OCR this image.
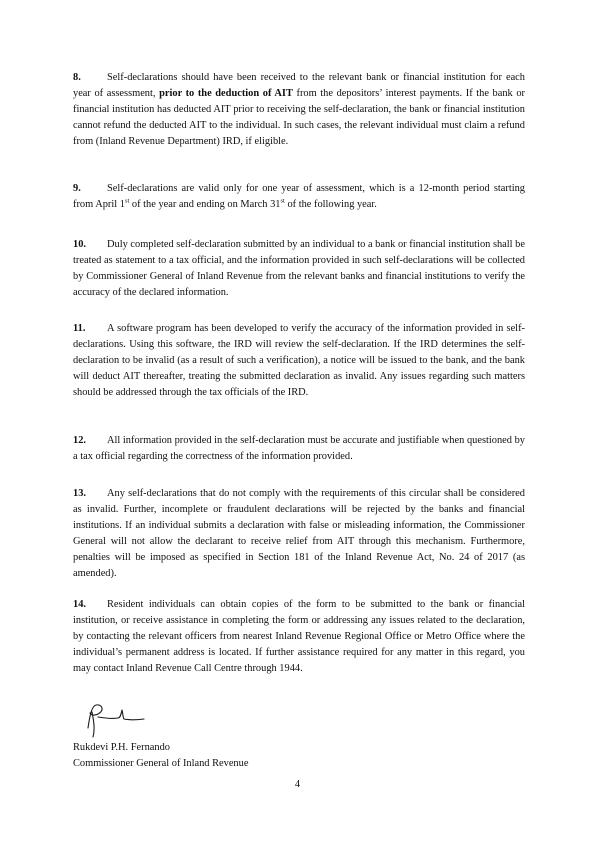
8.	Self-declarations should have been received to the relevant bank or financial institution for each year of assessment, prior to the deduction of AIT from the depositors’ interest payments. If the bank or financial institution has deducted AIT prior to receiving the self-declaration, the bank or financial institution cannot refund the deducted AIT to the individual. In such cases, the relevant individual must claim a refund from (Inland Revenue Department) IRD, if eligible.

9.	Self-declarations are valid only for one year of assessment, which is a 12-month period starting from April 1st of the year and ending on March 31st of the following year.

10. Duly completed self-declaration submitted by an individual to a bank or financial institution shall be treated as statement to a tax official, and the information provided in such self-declarations will be collected by Commissioner General of Inland Revenue from the relevant banks and financial institutions to verify the accuracy of the declared information.

11. A software program has been developed to verify the accuracy of the information provided in self-declarations. Using this software, the IRD will review the self-declaration. If the IRD determines the self-declaration to be invalid (as a result of such a verification), a notice will be issued to the bank, and the bank will deduct AIT thereafter, treating the submitted declaration as invalid. Any issues regarding such matters should be addressed through the tax officials of the IRD.

12. All information provided in the self-declaration must be accurate and justifiable when questioned by a tax official regarding the correctness of the information provided.

13. Any self-declarations that do not comply with the requirements of this circular shall be considered as invalid. Further, incomplete or fraudulent declarations will be rejected by the banks and financial institutions. If an individual submits a declaration with false or misleading information, the Commissioner General will not allow the declarant to receive relief from AIT through this mechanism. Furthermore, penalties will be imposed as specified in Section 181 of the Inland Revenue Act, No. 24 of 2017 (as amended).

14. Resident individuals can obtain copies of the form to be submitted to the bank or financial institution, or receive assistance in completing the form or addressing any issues related to the declaration, by contacting the relevant officers from nearest Inland Revenue Regional Office or Metro Office where the individual’s permanent address is located. If further assistance required for any matter in this regard, you may contact Inland Revenue Call Centre through 1944.

Rukdevi P.H. Fernando

Commissioner General of Inland Revenue

4
